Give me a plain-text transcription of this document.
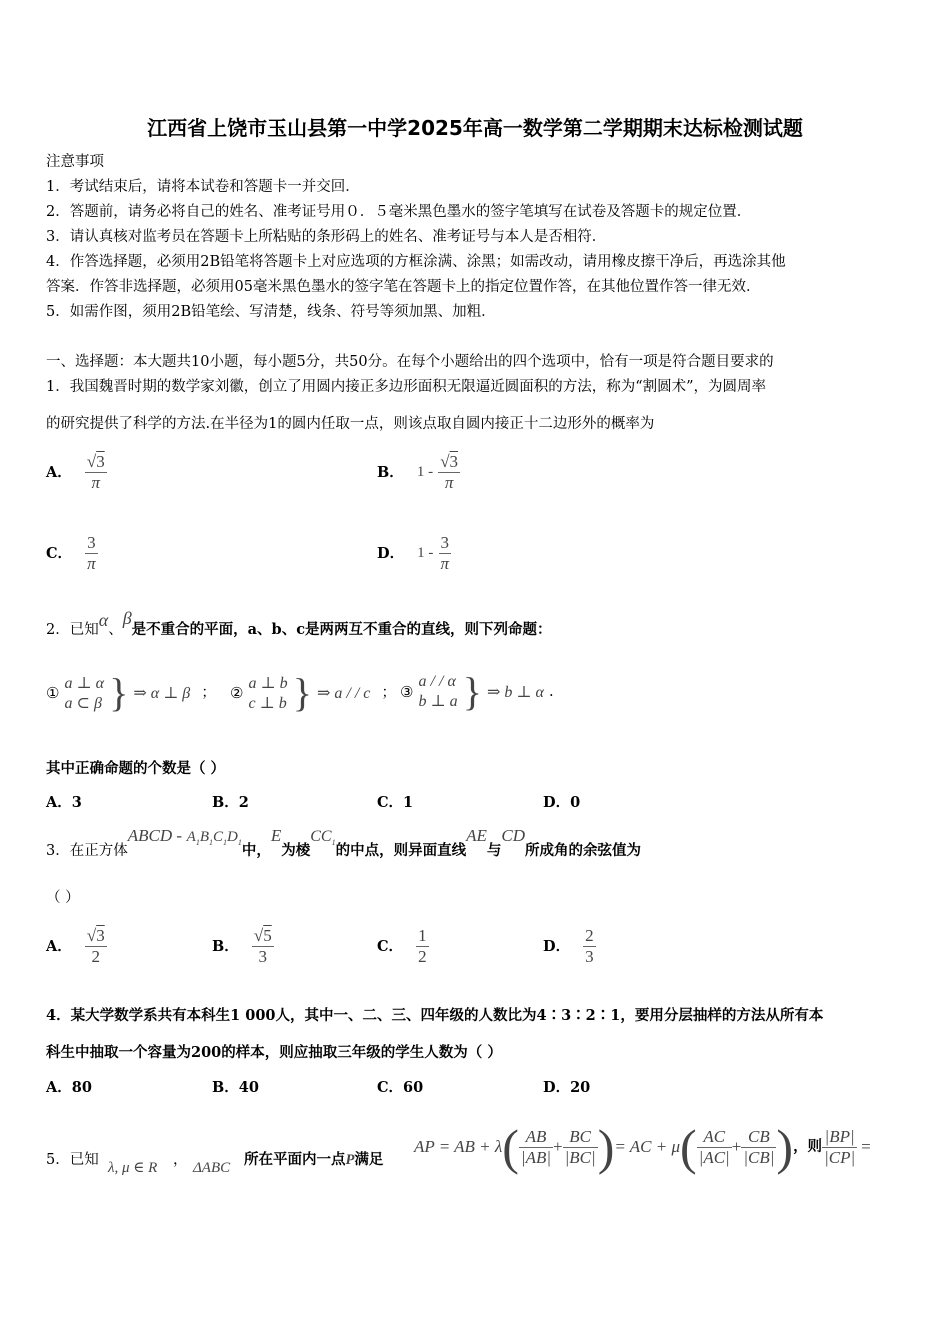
江西省上饶市玉山县第一中学2025年高一数学第二学期期末达标检测试题
注意事项
1．考试结束后，请将本试卷和答题卡一并交回．
2．答题前，请务必将自己的姓名、准考证号用０．５毫米黑色墨水的签字笔填写在试卷及答题卡的规定位置．
3．请认真核对监考员在答题卡上所粘贴的条形码上的姓名、准考证号与本人是否相符．
4．作答选择题，必须用2B铅笔将答题卡上对应选项的方框涂满、涂黑；如需改动，请用橡皮擦干净后，再选涂其他
答案．作答非选择题，必须用05毫米黑色墨水的签字笔在答题卡上的指定位置作答，在其他位置作答一律无效．
5．如需作图，须用2B铅笔绘、写清楚，线条、符号等须加黑、加粗．
一、选择题：本大题共10小题，每小题5分，共50分。在每个小题给出的四个选项中，恰有一项是符合题目要求的
1．我国魏晋时期的数学家刘徽，创立了用圆内接正多边形面积无限逼近圆面积的方法，称为“割圆术”，为圆周率
的研究提供了科学的方法.在半径为1的圆内任取一点，则该点取自圆内接正十二边形外的概率为
A． $\frac{√3}{\pi}$	B． $1 - \frac{√3}{\pi}$
C． $\frac{3}{\pi}$	D． $1 - \frac{3}{\pi}$
2．已知α、β是不重合的平面，a、b、c是两两互不重合的直线，则下列命题：
①
a ⊥ α
a ⊂ β } ⇒ α ⊥ β ； ②
a ⊥ b
c ⊥ b } ⇒ a / / c ； ③
a / / α
b ⊥ a } ⇒ b ⊥ α .
其中正确命题的个数是（ ）
A．3	B．2	C．1	D．0
3．在正方体ABCD - $A_1B_1C_1D_1$中，E为棱$CC_1$的中点，则异面直线AE与CD所成角的余弦值为
（ ）
A． $\frac{√3}{2}$	B． $\frac{√5}{3}$	C． $\frac{1}{2}$	D． $\frac{2}{3}$
4．某大学数学系共有本科生1 000人，其中一、二、三、四年级的人数比为4∶3∶2∶1，要用分层抽样的方法从所有本
科生中抽取一个容量为200的样本，则应抽取三年级的学生人数为（ ）
A．80	B．40	C．60	D．20
5．已知 λ, μ ∈ R ， ΔABC 所在平面内一点P满足
AP = AB + λ ( $\frac{AB}{|AB|} + \frac{BC}{|BC|}$ ) = AC + μ ( $\frac{AC}{|AC|} + \frac{CB}{|CB|}$ ) ，则 $\frac{|BP|}{|CP|}$ =
